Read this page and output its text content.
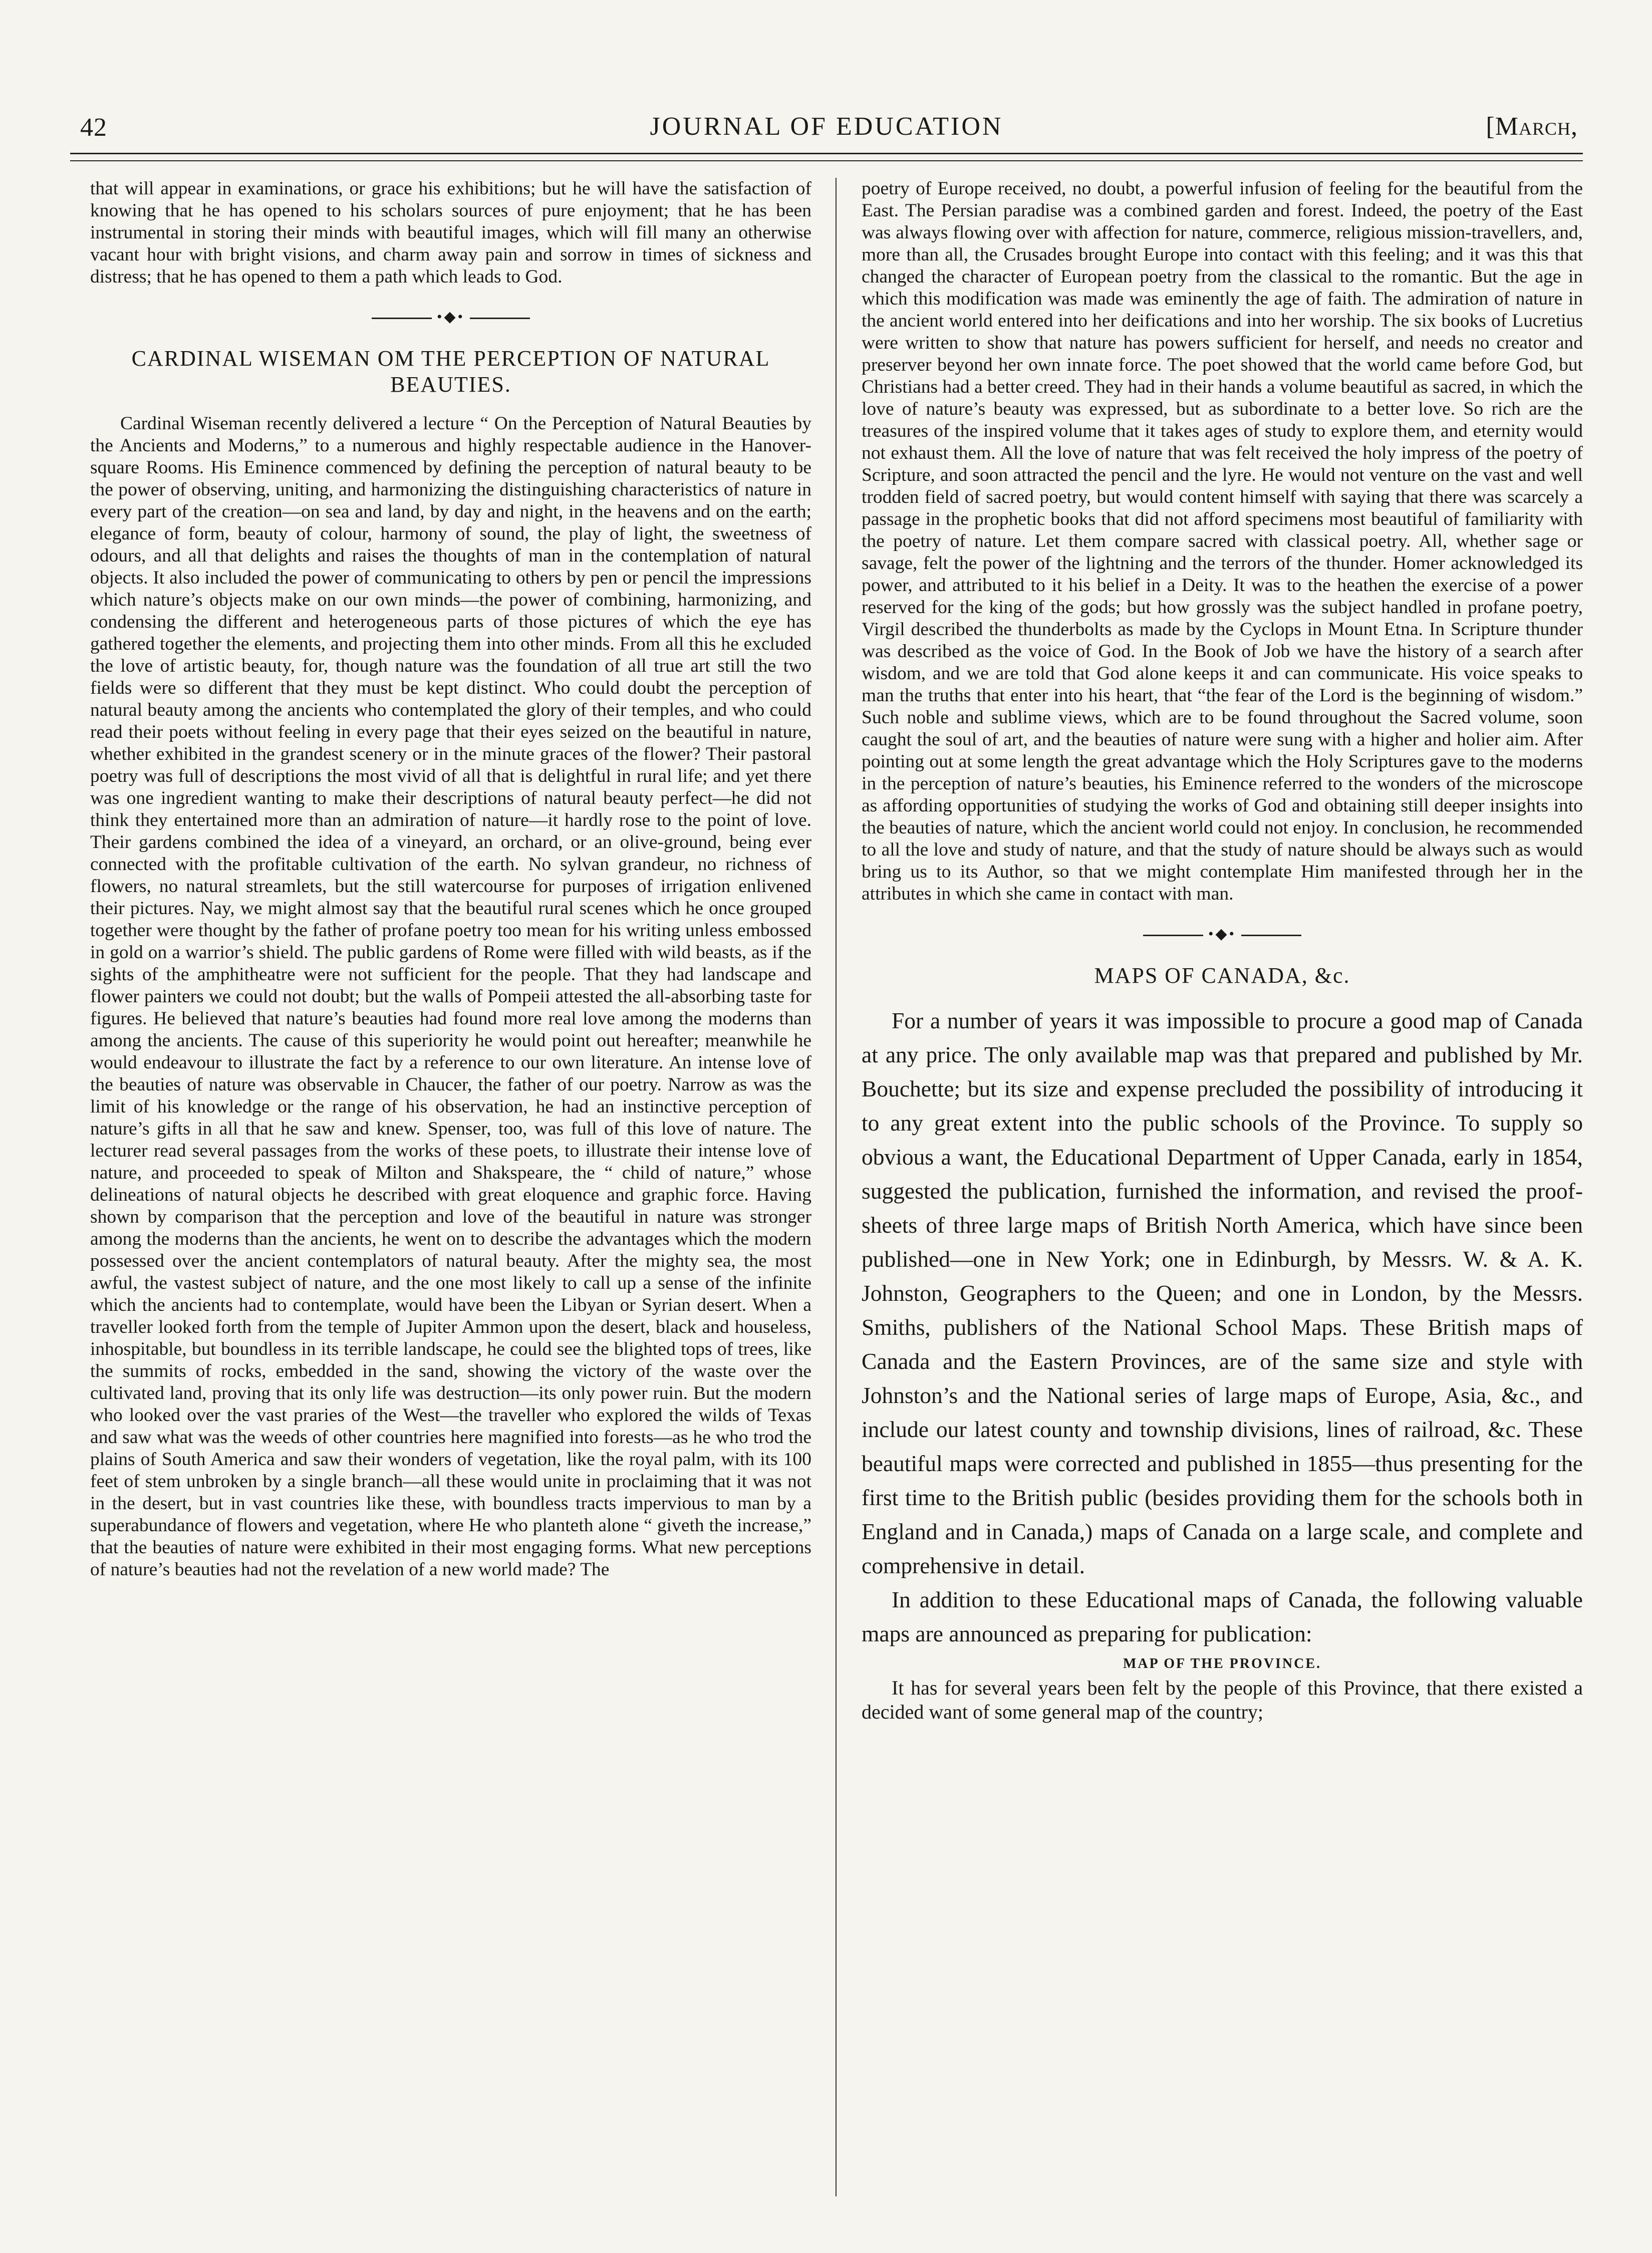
42	JOURNAL OF EDUCATION	[March,

that will appear in examinations, or grace his exhibitions; but he will have the satisfaction of knowing that he has opened to his scholars sources of pure enjoyment; that he has been instrumental in storing their minds with beautiful images, which will fill many an otherwise vacant hour with bright visions, and charm away pain and sorrow in times of sickness and distress; that he has opened to them a path which leads to God.

•◆•
CARDINAL WISEMAN OM THE PERCEPTION OF NATURAL BEAUTIES.

Cardinal Wiseman recently delivered a lecture “ On the Perception of Natural Beauties by the Ancients and Moderns,” to a numerous and highly respectable audience in the Hanover-square Rooms. His Eminence commenced by defining the perception of natural beauty to be the power of observing, uniting, and harmonizing the distinguishing characteristics of nature in every part of the creation—on sea and land, by day and night, in the heavens and on the earth; elegance of form, beauty of colour, harmony of sound, the play of light, the sweetness of odours, and all that delights and raises the thoughts of man in the contemplation of natural objects. It also included the power of communicating to others by pen or pencil the impressions which nature’s objects make on our own minds—the power of combining, harmonizing, and condensing the different and heterogeneous parts of those pictures of which the eye has gathered together the elements, and projecting them into other minds. From all this he excluded the love of artistic beauty, for, though nature was the foundation of all true art still the two fields were so different that they must be kept distinct. Who could doubt the perception of natural beauty among the ancients who contemplated the glory of their temples, and who could read their poets without feeling in every page that their eyes seized on the beautiful in nature, whether exhibited in the grandest scenery or in the minute graces of the flower? Their pastoral poetry was full of descriptions the most vivid of all that is delightful in rural life; and yet there was one ingredient wanting to make their descriptions of natural beauty perfect—he did not think they entertained more than an admiration of nature—it hardly rose to the point of love. Their gardens combined the idea of a vineyard, an orchard, or an olive-ground, being ever connected with the profitable cultivation of the earth. No sylvan grandeur, no richness of flowers, no natural streamlets, but the still watercourse for purposes of irrigation enlivened their pictures. Nay, we might almost say that the beautiful rural scenes which he once grouped together were thought by the father of profane poetry too mean for his writing unless embossed in gold on a warrior’s shield. The public gardens of Rome were filled with wild beasts, as if the sights of the amphitheatre were not sufficient for the people. That they had landscape and flower painters we could not doubt; but the walls of Pompeii attested the all-absorbing taste for figures. He believed that nature’s beauties had found more real love among the moderns than among the ancients. The cause of this superiority he would point out hereafter; meanwhile he would endeavour to illustrate the fact by a reference to our own literature. An intense love of the beauties of nature was observable in Chaucer, the father of our poetry. Narrow as was the limit of his knowledge or the range of his observation, he had an instinctive perception of nature’s gifts in all that he saw and knew. Spenser, too, was full of this love of nature. The lecturer read several passages from the works of these poets, to illustrate their intense love of nature, and proceeded to speak of Milton and Shakspeare, the “ child of nature,” whose delineations of natural objects he described with great eloquence and graphic force. Having shown by comparison that the perception and love of the beautiful in nature was stronger among the moderns than the ancients, he went on to describe the advantages which the modern possessed over the ancient contemplators of natural beauty. After the mighty sea, the most awful, the vastest subject of nature, and the one most likely to call up a sense of the infinite which the ancients had to contemplate, would have been the Libyan or Syrian desert. When a traveller looked forth from the temple of Jupiter Ammon upon the desert, black and houseless, inhospitable, but boundless in its terrible landscape, he could see the blighted tops of trees, like the summits of rocks, embedded in the sand, showing the victory of the waste over the cultivated land, proving that its only life was destruction—its only power ruin. But the modern who looked over the vast praries of the West—the traveller who explored the wilds of Texas and saw what was the weeds of other countries here magnified into forests—as he who trod the plains of South America and saw their wonders of vegetation, like the royal palm, with its 100 feet of stem unbroken by a single branch—all these would unite in proclaiming that it was not in the desert, but in vast countries like these, with boundless tracts impervious to man by a superabundance of flowers and vegetation, where He who planteth alone “ giveth the increase,” that the beauties of nature were exhibited in their most engaging forms. What new perceptions of nature’s beauties had not the revelation of a new world made? The

poetry of Europe received, no doubt, a powerful infusion of feeling for the beautiful from the East. The Persian paradise was a combined garden and forest. Indeed, the poetry of the East was always flowing over with affection for nature, commerce, religious mission-travellers, and, more than all, the Crusades brought Europe into contact with this feeling; and it was this that changed the character of European poetry from the classical to the romantic. But the age in which this modification was made was eminently the age of faith. The admiration of nature in the ancient world entered into her deifications and into her worship. The six books of Lucretius were written to show that nature has powers sufficient for herself, and needs no creator and preserver beyond her own innate force. The poet showed that the world came before God, but Christians had a better creed. They had in their hands a volume beautiful as sacred, in which the love of nature’s beauty was expressed, but as subordinate to a better love. So rich are the treasures of the inspired volume that it takes ages of study to explore them, and eternity would not exhaust them. All the love of nature that was felt received the holy impress of the poetry of Scripture, and soon attracted the pencil and the lyre. He would not venture on the vast and well trodden field of sacred poetry, but would content himself with saying that there was scarcely a passage in the prophetic books that did not afford specimens most beautiful of familiarity with the poetry of nature. Let them compare sacred with classical poetry. All, whether sage or savage, felt the power of the lightning and the terrors of the thunder. Homer acknowledged its power, and attributed to it his belief in a Deity. It was to the heathen the exercise of a power reserved for the king of the gods; but how grossly was the subject handled in profane poetry, Virgil described the thunderbolts as made by the Cyclops in Mount Etna. In Scripture thunder was described as the voice of God. In the Book of Job we have the history of a search after wisdom, and we are told that God alone keeps it and can communicate. His voice speaks to man the truths that enter into his heart, that “the fear of the Lord is the beginning of wisdom.” Such noble and sublime views, which are to be found throughout the Sacred volume, soon caught the soul of art, and the beauties of nature were sung with a higher and holier aim. After pointing out at some length the great advantage which the Holy Scriptures gave to the moderns in the perception of nature’s beauties, his Eminence referred to the wonders of the microscope as affording opportunities of studying the works of God and obtaining still deeper insights into the beauties of nature, which the ancient world could not enjoy. In conclusion, he recommended to all the love and study of nature, and that the study of nature should be always such as would bring us to its Author, so that we might contemplate Him manifested through her in the attributes in which she came in contact with man.

•◆•
MAPS OF CANADA, &c.

For a number of years it was impossible to procure a good map of Canada at any price. The only available map was that prepared and published by Mr. Bouchette; but its size and expense precluded the possibility of introducing it to any great extent into the public schools of the Province. To supply so obvious a want, the Educational Department of Upper Canada, early in 1854, suggested the publication, furnished the information, and revised the proof-sheets of three large maps of British North America, which have since been published—one in New York; one in Edinburgh, by Messrs. W. & A. K. Johnston, Geographers to the Queen; and one in London, by the Messrs. Smiths, publishers of the National School Maps. These British maps of Canada and the Eastern Provinces, are of the same size and style with Johnston’s and the National series of large maps of Europe, Asia, &c., and include our latest county and township divisions, lines of railroad, &c. These beautiful maps were corrected and published in 1855—thus presenting for the first time to the British public (besides providing them for the schools both in England and in Canada,) maps of Canada on a large scale, and complete and comprehensive in detail.

In addition to these Educational maps of Canada, the following valuable maps are announced as preparing for publication:

MAP OF THE PROVINCE.

It has for several years been felt by the people of this Province, that there existed a decided want of some general map of the country;
